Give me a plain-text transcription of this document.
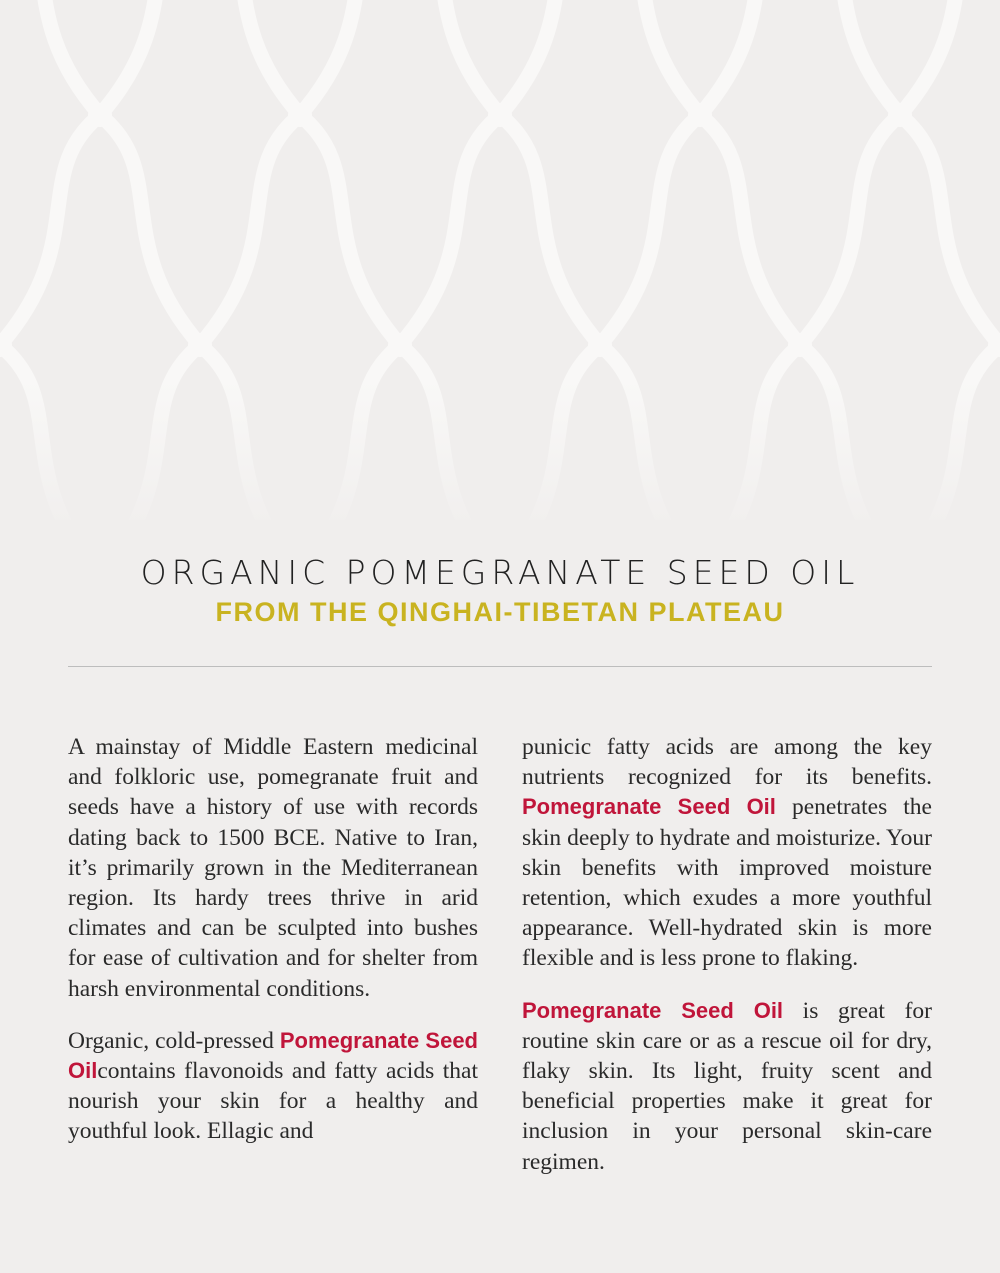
ORGANIC POMEGRANATE SEED OIL
FROM THE QINGHAI-TIBETAN PLATEAU

A mainstay of Middle Eastern medicinal and folkloric use, pomegranate fruit and seeds have a history of use with records dating back to 1500 BCE. Native to Iran, it’s primarily grown in the Mediterranean region. Its hardy trees thrive in arid climates and can be sculpted into bushes for ease of cultivation and for shelter from harsh environmental conditions.

Organic, cold-pressed Pomegranate Seed Oilcontains flavonoids and fatty acids that nourish your skin for a healthy and youthful look. Ellagic and

punicic fatty acids are among the key nutrients recognized for its benefits. Pomegranate Seed Oil penetrates the skin deeply to hydrate and moisturize. Your skin benefits with improved moisture retention, which exudes a more youthful appearance. Well-hydrated skin is more flexible and is less prone to flaking.

Pomegranate Seed Oil is great for routine skin care or as a rescue oil for dry, flaky skin. Its light, fruity scent and beneficial properties make it great for inclusion in your personal skin-care regimen.
